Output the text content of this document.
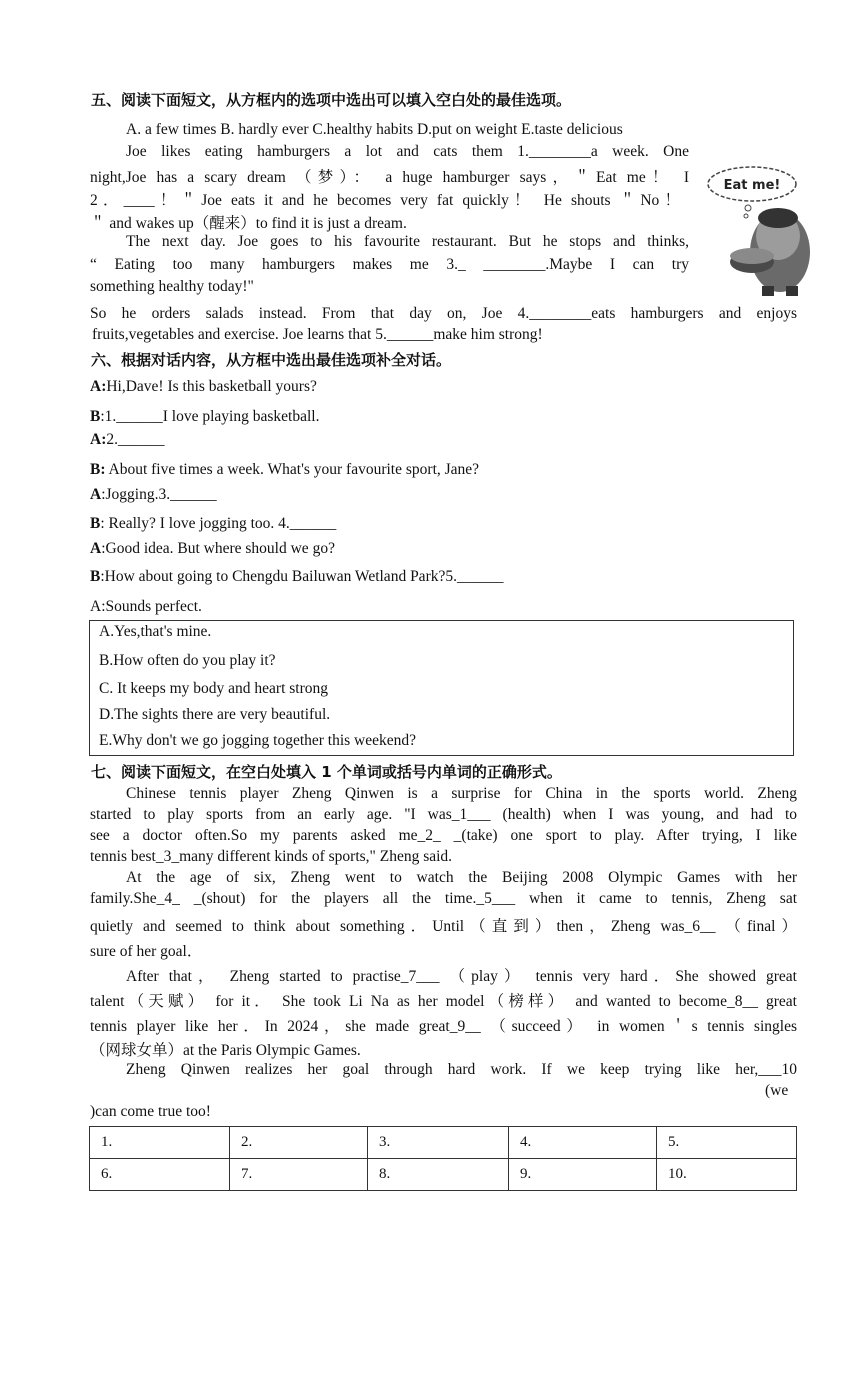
五、阅读下面短文，从方框内的选项中选出可以填入空白处的最佳选项。
A. a few times B. hardly ever C.healthy habits D.put on weight E.taste delicious
Joe likes eating hamburgers a lot and cats them 1.________a week. One
night,Joe has a scary dream （梦）： a huge hamburger says，＂Eat me！ I
2．____！＂Joe eats it and he becomes very fat quickly！ He shouts ＂No！
＂ and wakes up（醒来）to find it is just a dream.
The next day. Joe goes to his favourite restaurant. But he stops and thinks,
“ Eating too many hamburgers makes me 3._ ________.Maybe I can try
something healthy today!"
So he orders salads instead. From that day on, Joe 4.________eats hamburgers and enjoys
fruits,vegetables and exercise. Joe learns that 5.______make him strong!
Eat me!
六、根据对话内容，从方框中选出最佳选项补全对话。
A:Hi,Dave! Is this basketball yours?
B:1.______I love playing basketball.
A:2.______
B: About five times a week. What's your favourite sport, Jane?
A:Jogging.3.______
B: Really? I love jogging too. 4.______
A:Good idea. But where should we go?
B:How about going to Chengdu Bailuwan Wetland Park?5.______
A:Sounds perfect.
A.Yes,that's mine.
B.How often do you play it?
C. It keeps my body and heart strong
D.The sights there are very beautiful.
E.Why don't we go jogging together this weekend?
七、阅读下面短文，在空白处填入 1 个单词或括号内单词的正确形式。
Chinese tennis player Zheng Qinwen is a surprise for China in the sports world. Zheng
started to play sports from an early age. "I was_1___ (health) when I was young, and had to
see a doctor often.So my parents asked me_2_ _(take) one sport to play. After trying, I like
tennis best_3_many different kinds of sports," Zheng said.
At the age of six, Zheng went to watch the Beijing 2008 Olympic Games with her
family.She_4_ _(shout) for the players all the time._5___ when it came to tennis, Zheng sat
quietly and seemed to think about something．Until（直到）then，Zheng was_6__ （final）
sure of her goal．
After that， Zheng started to practise_7___ （play） tennis very hard．She showed great
talent（天赋） for it． She took Li Na as her model（榜样） and wanted to become_8__ great
tennis player like her．In 2024，she made great_9__ （succeed） in women＇s tennis singles
（网球女单）at the Paris Olympic Games.
Zheng Qinwen realizes her goal through hard work. If we keep trying like her,___10
(we
)can come true too!
1.	2.	3.	4.	5.
6.	7.	8.	9.	10.
